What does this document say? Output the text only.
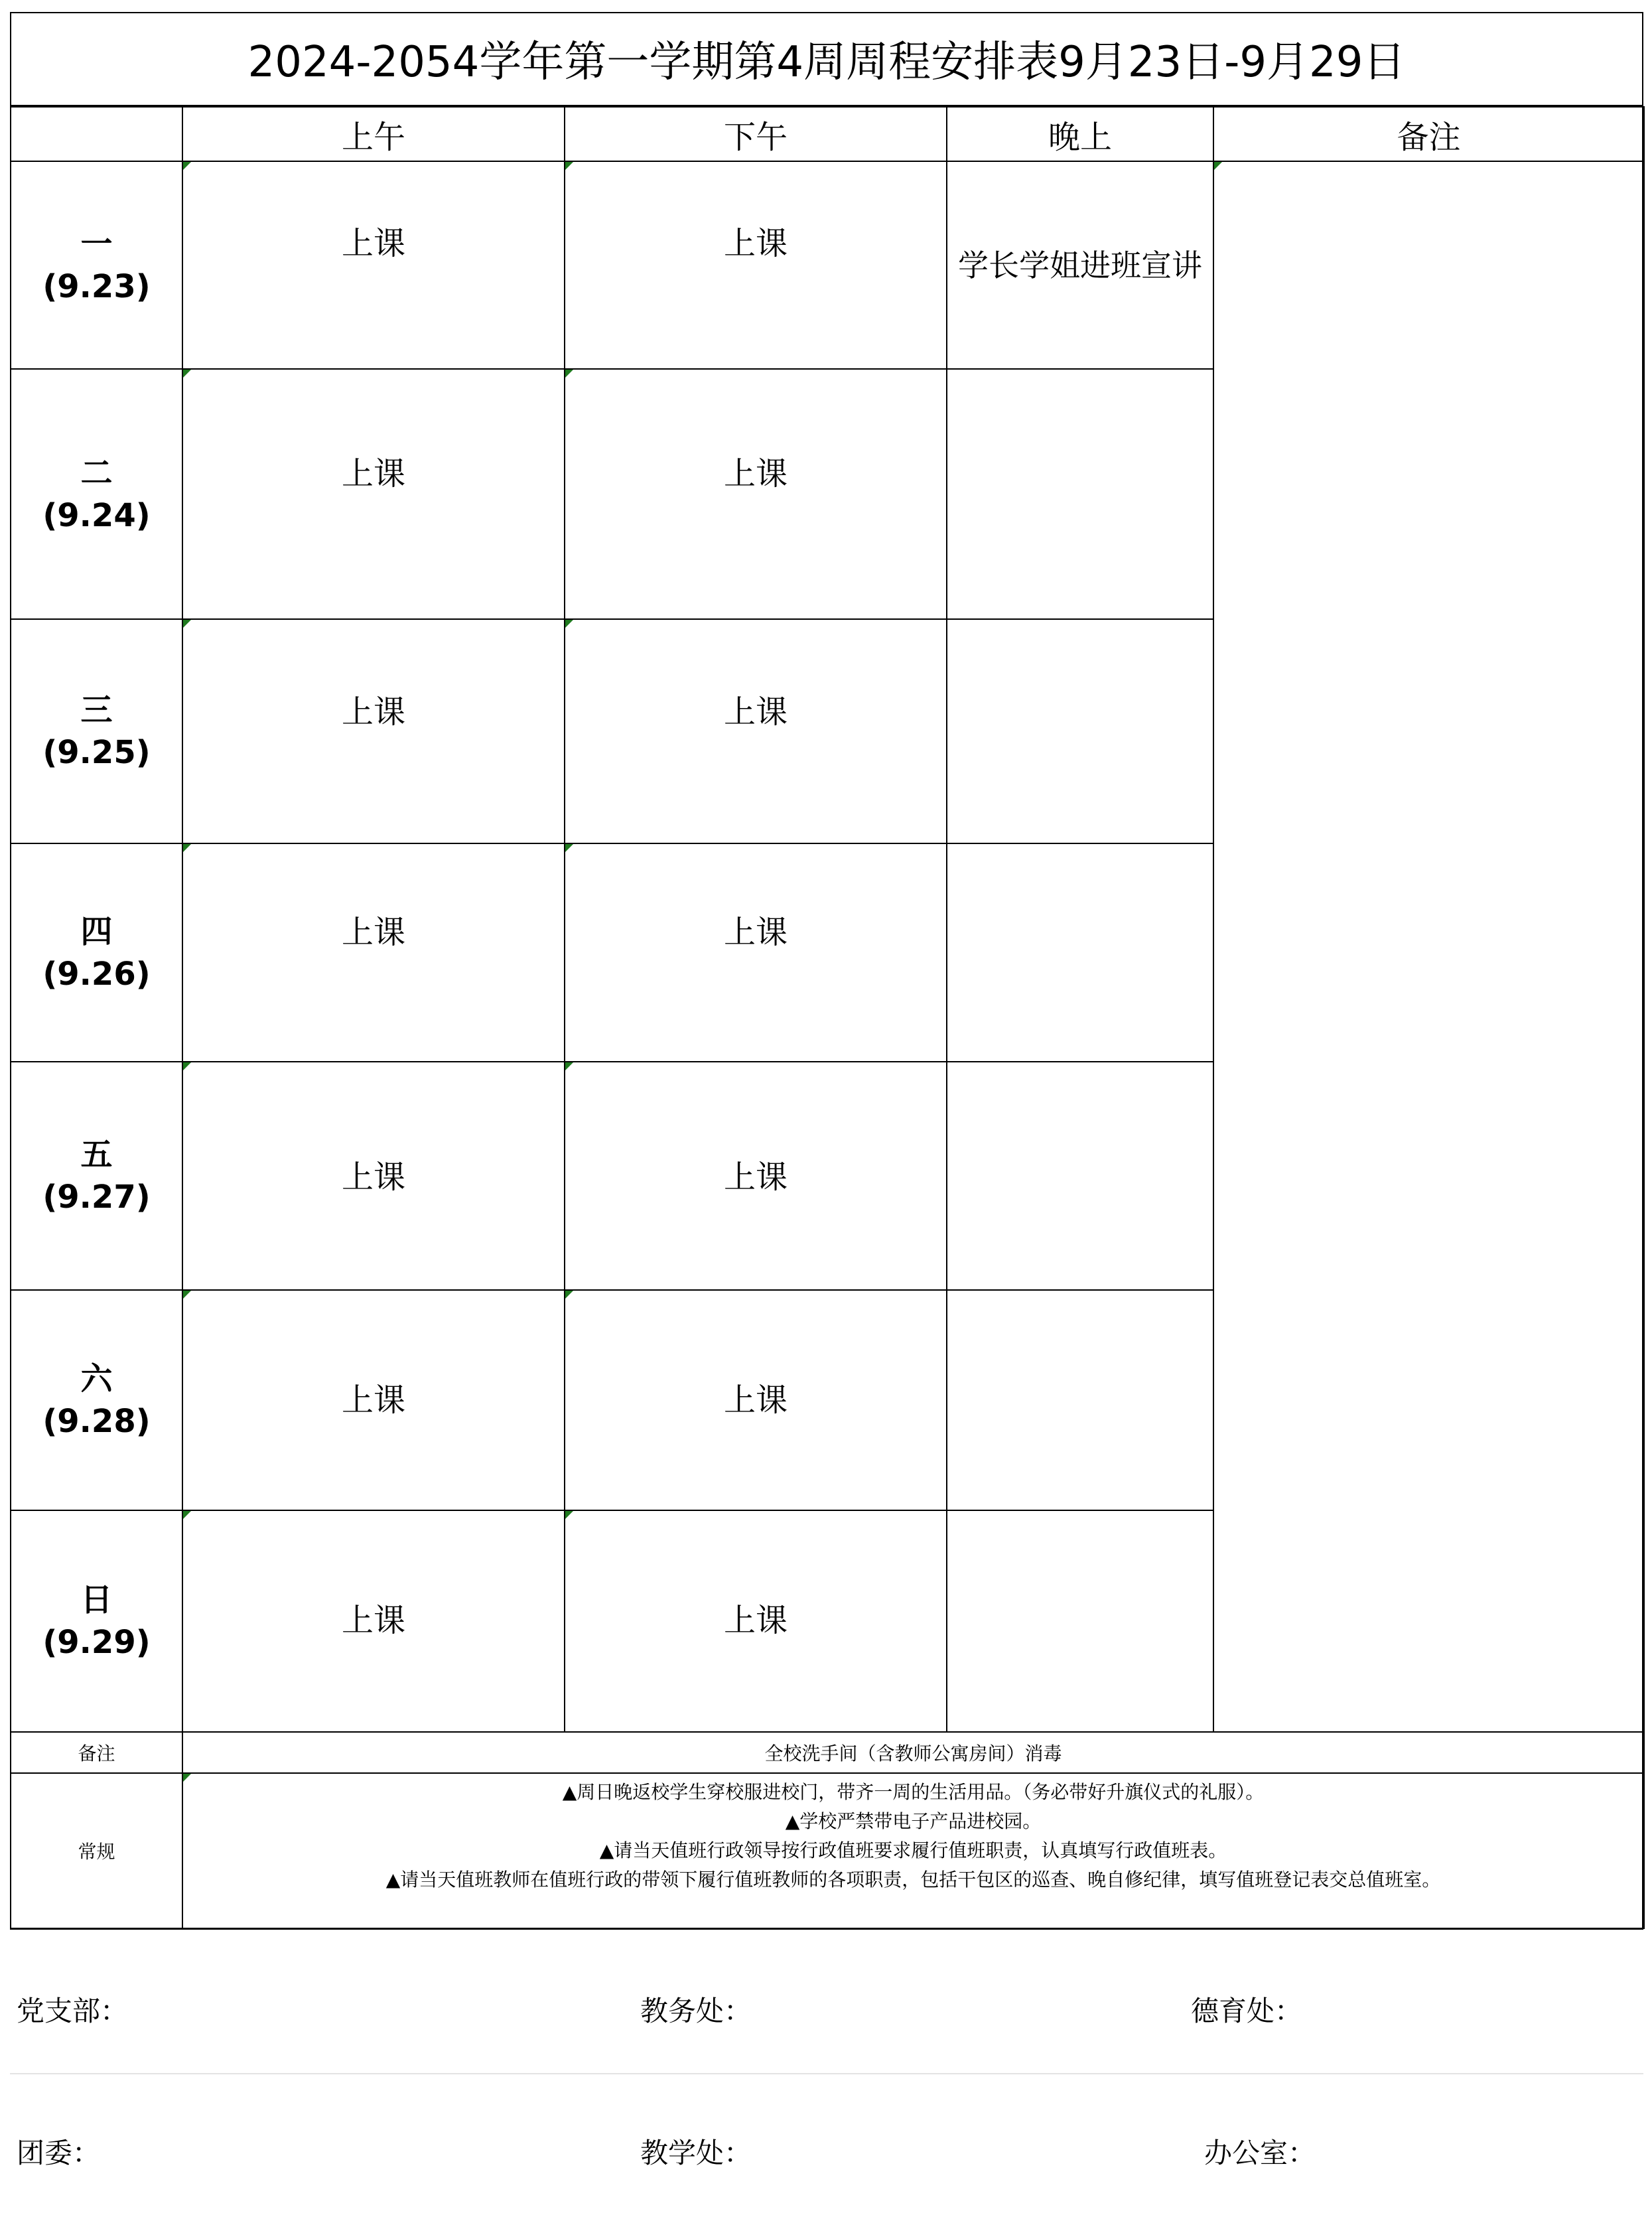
2024-2054学年第一学期第4周周程安排表9月23日-9月29日
	上午	下午	晚上	备注
一
(9.23)	上课	上课	学长学姐进班宣讲	

二
(9.24)	上课	上课		

三
(9.25)	上课	上课		

四
(9.26)	上课	上课		

五
(9.27)	上课	上课		

六
(9.28)	上课	上课		

日
(9.29)	上课	上课		

备注	全校洗手间（含教师公寓房间）消毒			
常规	▲周日晚返校学生穿校服进校门，带齐一周的生活用品。（务必带好升旗仪式的礼服）。
▲学校严禁带电子产品进校园。
▲请当天值班行政领导按行政值班要求履行值班职责，认真填写行政值班表。
▲请当天值班教师在值班行政的带领下履行值班教师的各项职责，包括干包区的巡查、晚自修纪律，填写值班登记表交总值班室。			
党支部：	教务处：	德育处：
团委：	教学处：	办公室：
